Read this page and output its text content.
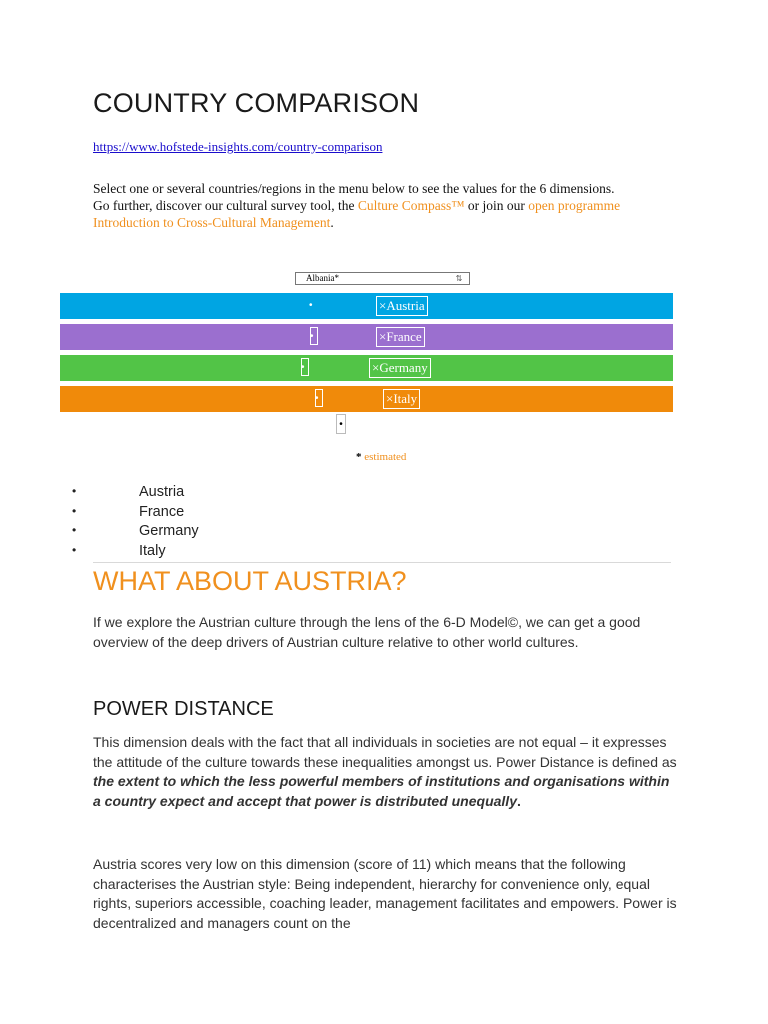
COUNTRY COMPARISON
https://www.hofstede-insights.com/country-comparison
Select one or several countries/regions in the menu below to see the values for the 6 dimensions.
Go further, discover our cultural survey tool, the Culture Compass™ or join our open programme Introduction to Cross-Cultural Management.
Albania*	⇅
•	×Austria
•	×France
•	×Germany
•	×Italy
•
* estimated
•	Austria
•	France
•	Germany
•	Italy
WHAT ABOUT AUSTRIA?
If we explore the Austrian culture through the lens of the 6-D Model©, we can get a good overview of the deep drivers of Austrian culture relative to other world cultures.
POWER DISTANCE
This dimension deals with the fact that all individuals in societies are not equal – it expresses the attitude of the culture towards these inequalities amongst us. Power Distance is defined as the extent to which the less powerful members of institutions and organisations within a country expect and accept that power is distributed unequally.
Austria scores very low on this dimension (score of 11) which means that the following characterises the Austrian style: Being independent, hierarchy for convenience only, equal rights, superiors accessible, coaching leader, management facilitates and empowers. Power is decentralized and managers count on the
